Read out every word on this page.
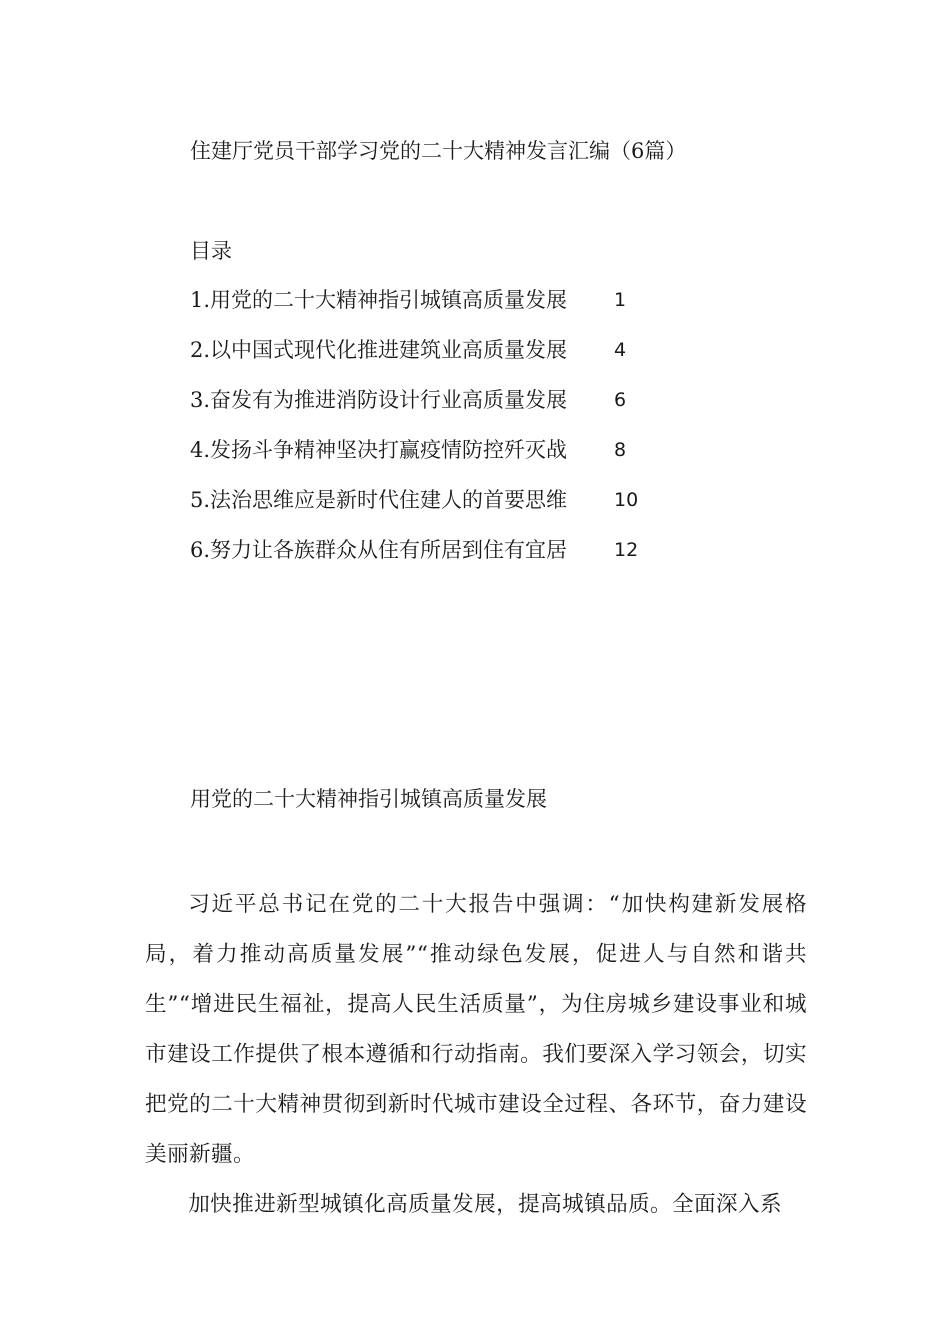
住建厅党员干部学习党的二十大精神发言汇编（6篇）
目录
1.用党的二十大精神指引城镇高质量发展 1
2.以中国式现代化推进建筑业高质量发展 4
3.奋发有为推进消防设计行业高质量发展 6
4.发扬斗争精神坚决打赢疫情防控歼灭战 8
5.法治思维应是新时代住建人的首要思维 10
6.努力让各族群众从住有所居到住有宜居 12
用党的二十大精神指引城镇高质量发展

习近平总书记在党的二十大报告中强调：“加快构建新发展格局，着力推动高质量发展”“推动绿色发展，促进人与自然和谐共生”“增进民生福祉，提高人民生活质量”，为住房城乡建设事业和城市建设工作提供了根本遵循和行动指南。我们要深入学习领会，切实把党的二十大精神贯彻到新时代城市建设全过程、各环节，奋力建设美丽新疆。

加快推进新型城镇化高质量发展，提高城镇品质。全面深入系
